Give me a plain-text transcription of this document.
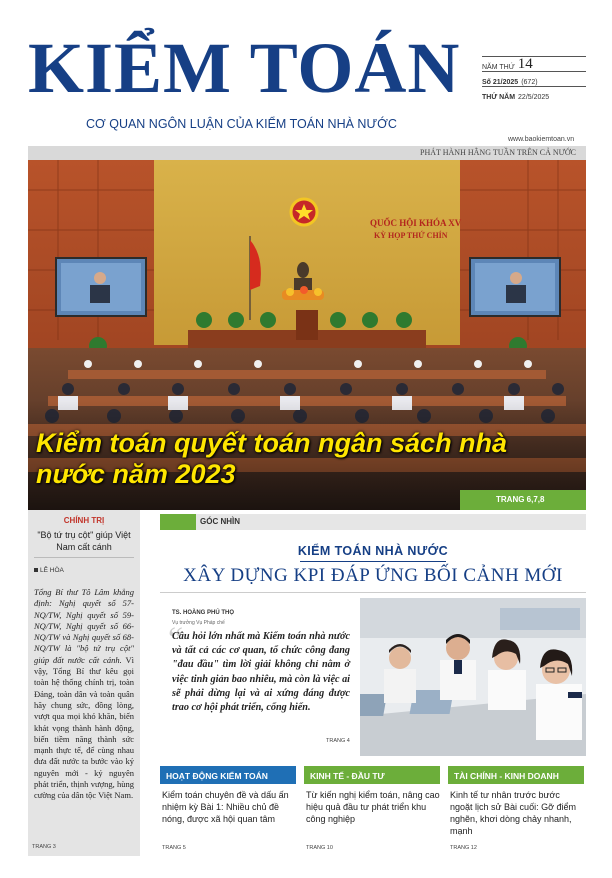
KIỂM TOÁN
CƠ QUAN NGÔN LUẬN CỦA KIỂM TOÁN NHÀ NƯỚC
NĂM THỨ 14
Số 21/2025 (672)
THỨ NĂM 22/5/2025
www.baokiemtoan.vn
PHÁT HÀNH HẰNG TUẦN TRÊN CẢ NƯỚC
QUỐC HỘI KHÓA XV
KỲ HỌP THỨ CHÍN
Kiểm toán quyết toán ngân sách nhà nước năm 2023
TRANG 6,7,8
CHÍNH TRỊ
"Bộ tứ trụ cột" giúp Việt Nam cất cánh
LÊ HÒA
Tổng Bí thư Tô Lâm khẳng định: Nghị quyết số 57-NQ/TW, Nghị quyết số 59-NQ/TW, Nghị quyết số 66-NQ/TW và Nghị quyết số 68-NQ/TW là "bộ tứ trụ cột" giúp đất nước cất cánh. Vì vậy, Tổng Bí thư kêu gọi toàn hệ thống chính trị, toàn Đảng, toàn dân và toàn quân hãy chung sức, đồng lòng, vượt qua mọi khó khăn, biến khát vọng thành hành động, biến tiềm năng thành sức mạnh thực tế, để cùng nhau đưa đất nước ta bước vào kỷ nguyên mới - kỷ nguyên phát triển, thịnh vượng, hùng cường của dân tộc Việt Nam.
TRANG 3
GÓC NHÌN
KIỂM TOÁN NHÀ NƯỚC
XÂY DỰNG KPI ĐÁP ỨNG BỐI CẢNH MỚI
TS. HOÀNG PHÚ THỌ
Vụ trưởng Vụ Pháp chế
“
Câu hỏi lớn nhất mà Kiểm toán nhà nước và tất cả các cơ quan, tổ chức công đang "đau đầu" tìm lời giải không chỉ nằm ở việc tinh giản bao nhiêu, mà còn là việc ai sẽ phải dừng lại và ai xứng đáng được trao cơ hội phát triển, cống hiến.
TRANG 4
HOẠT ĐỘNG KIỂM TOÁN
Kiểm toán chuyên đề và dấu ấn nhiệm kỳ Bài 1: Nhiều chủ đề nóng, được xã hội quan tâm
TRANG 5
KINH TẾ - ĐẦU TƯ
Từ kiến nghị kiểm toán, nâng cao hiệu quả đầu tư phát triển khu công nghiệp
TRANG 10
TÀI CHÍNH - KINH DOANH
Kinh tế tư nhân trước bước ngoặt lịch sử Bài cuối: Gỡ điểm nghẽn, khơi dòng chảy nhanh, mạnh
TRANG 12
